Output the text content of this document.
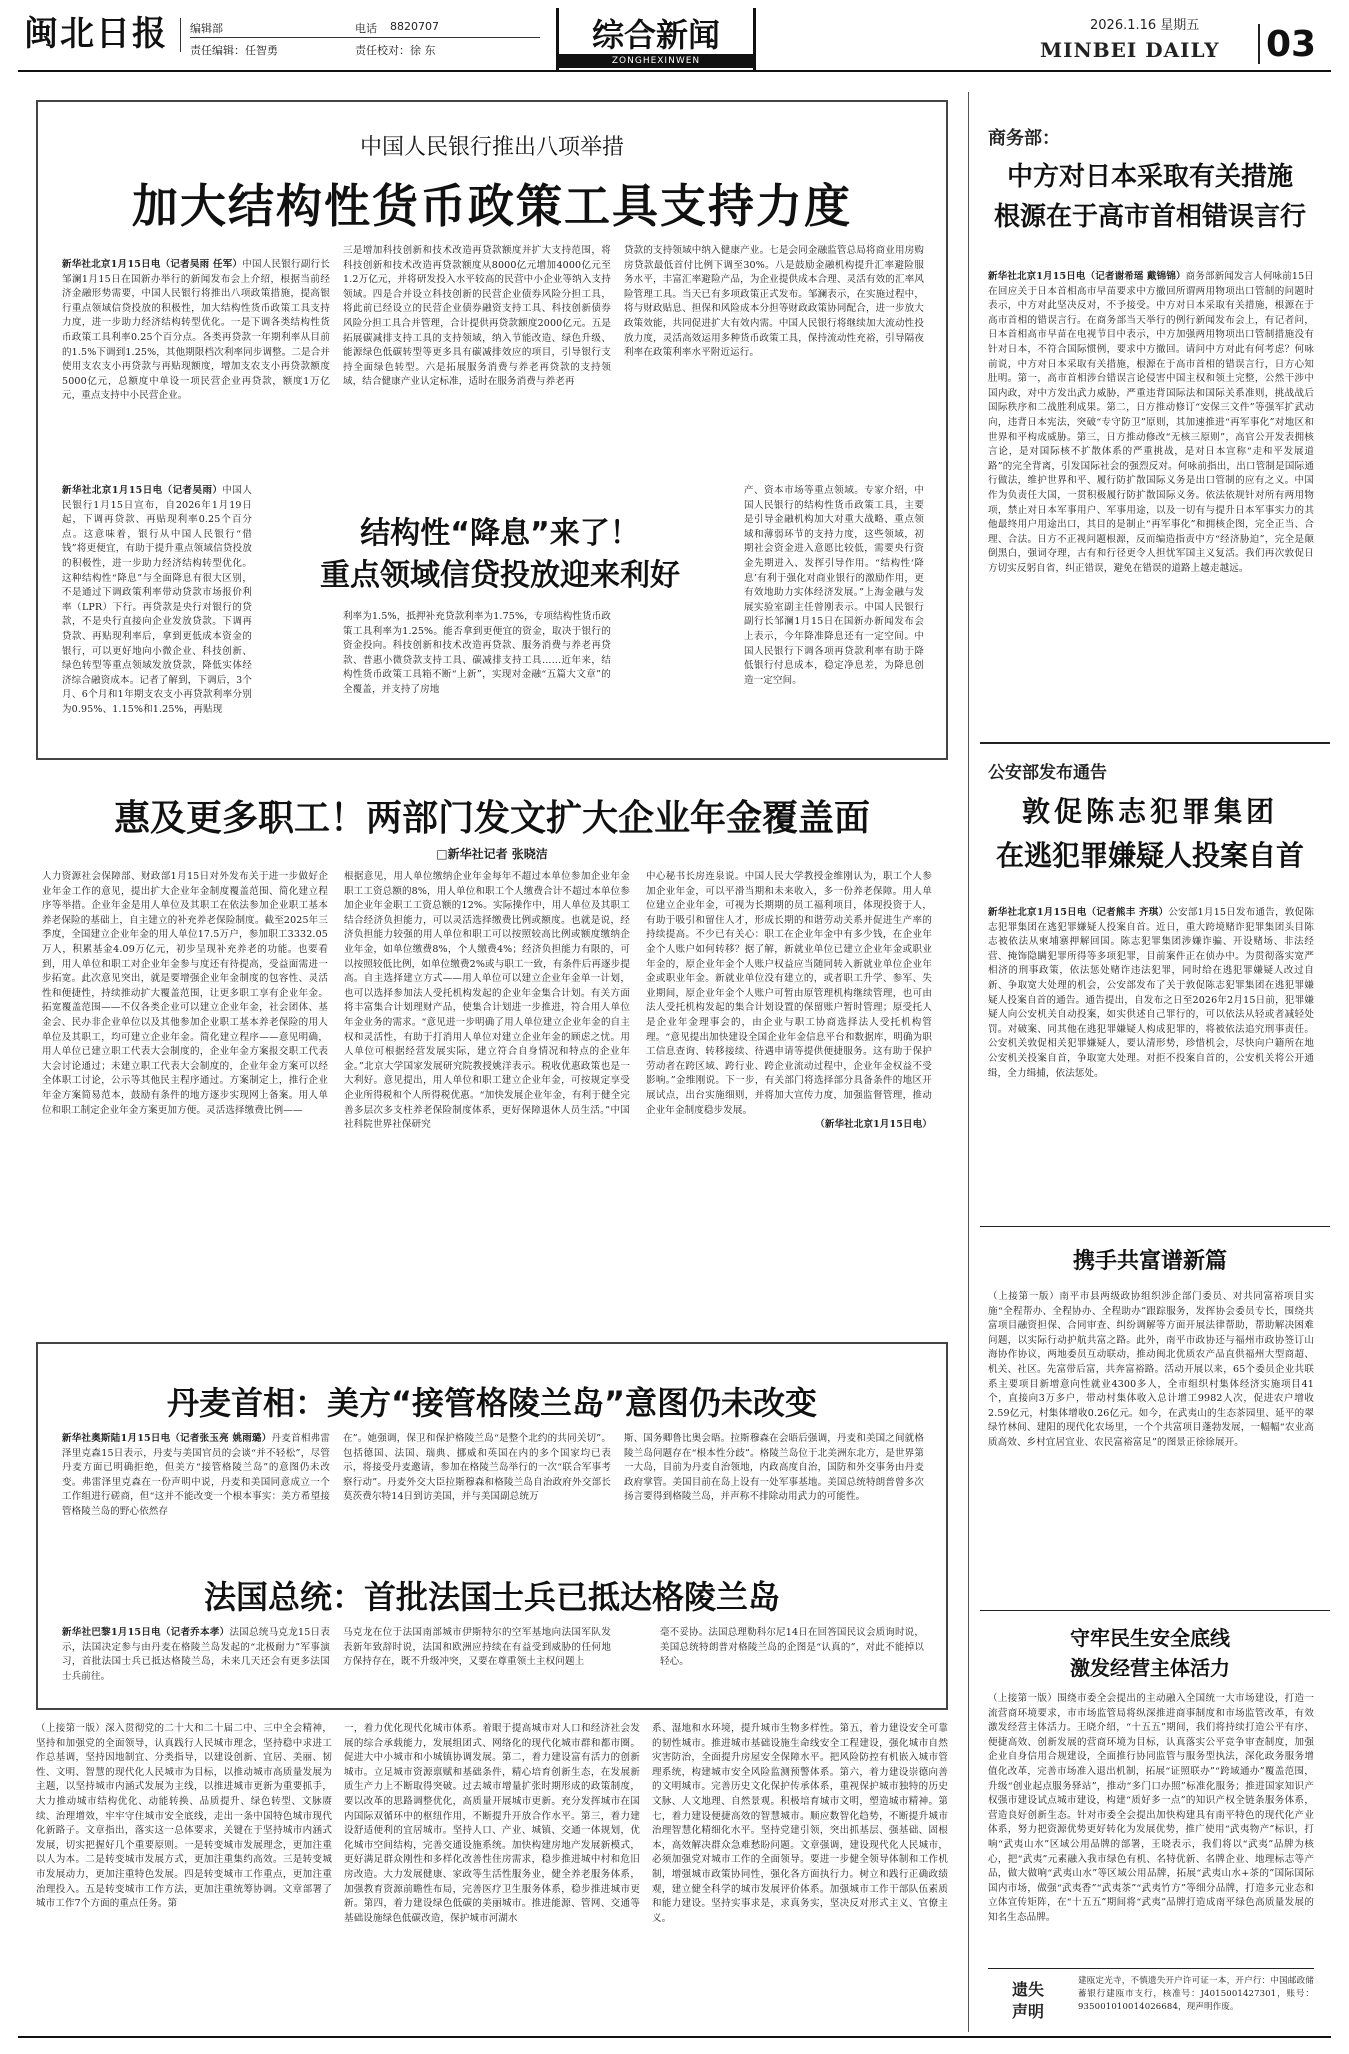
闽北日报	编辑部	电话 8820707
责任编辑：任智勇	责任校对：徐 东	综合新闻
ZONGHEXINWEN
2026.1.16 星期五
MINBEI DAILY 03
中国人民银行推出八项举措
加大结构性货币政策工具支持力度
新华社北京1月15日电（记者吴雨 任军）中国人民银行副行长邹澜1月15日在国新办举行的新闻发布会上介绍，根据当前经济金融形势需要，中国人民银行将推出八项政策措施，提高银行重点领域信贷投放的积极性，加大结构性货币政策工具支持力度，进一步助力经济结构转型优化。一是下调各类结构性货币政策工具利率0.25个百分点。各类再贷款一年期利率从目前的1.5%下调到1.25%，其他期限档次利率同步调整。二是合并使用支农支小再贷款与再贴现额度，增加支农支小再贷款额度5000亿元，总额度中单设一项民营企业再贷款，额度1万亿元，重点支持中小民营企业。
三是增加科技创新和技术改造再贷款额度并扩大支持范围，将科技创新和技术改造再贷款额度从8000亿元增加4000亿元至1.2万亿元，并将研发投入水平较高的民营中小企业等纳入支持领域。四是合并设立科技创新的民营企业债券风险分担工具，将此前已经设立的民营企业债券融资支持工具、科技创新债券风险分担工具合并管理，合计提供再贷款额度2000亿元。五是拓展碳减排支持工具的支持领域，纳入节能改造、绿色升级、能源绿色低碳转型等更多具有碳减排效应的项目，引导银行支持全面绿色转型。六是拓展服务消费与养老再贷款的支持领域，结合健康产业认定标准，适时在服务消费与养老再
贷款的支持领域中纳入健康产业。七是会同金融监管总局将商业用房购房贷款最低首付比例下调至30%。八是鼓励金融机构提升汇率避险服务水平，丰富汇率避险产品，为企业提供成本合理、灵活有效的汇率风险管理工具。当天已有多项政策正式发布。邹澜表示，在实施过程中，将与财政贴息、担保和风险成本分担等财政政策协同配合，进一步放大政策效能，共同促进扩大有效内需。中国人民银行将继续加大流动性投放力度，灵活高效运用多种货币政策工具，保持流动性充裕，引导隔夜利率在政策利率水平附近运行。
结构性“降息”来了！
重点领域信贷投放迎来利好
新华社北京1月15日电（记者吴雨）中国人民银行1月15日宣布，自2026年1月19日起，下调再贷款、再贴现利率0.25个百分点。这意味着，银行从中国人民银行“借钱”将更便宜，有助于提升重点领域信贷投放的积极性，进一步助力经济结构转型优化。这种结构性“降息”与全面降息有很大区别，不是通过下调政策利率带动贷款市场报价利率（LPR）下行。再贷款是央行对银行的贷款，不是央行直接向企业发放贷款。下调再贷款、再贴现利率后，拿到更低成本资金的银行，可以更好地向小微企业、科技创新、绿色转型等重点领域发放贷款，降低实体经济综合融资成本。记者了解到，下调后，3个月、6个月和1年期支农支小再贷款利率分别为0.95%、1.15%和1.25%，再贴现
利率为1.5%，抵押补充贷款利率为1.75%，专项结构性货币政策工具利率为1.25%。能否拿到更便宜的资金，取决于银行的资金投向。科技创新和技术改造再贷款、服务消费与养老再贷款、普惠小微贷款支持工具、碳减排支持工具……近年来，结构性货币政策工具箱不断“上新”，实现对金融“五篇大文章”的全覆盖，并支持了房地
产、资本市场等重点领域。专家介绍，中国人民银行的结构性货币政策工具，主要是引导金融机构加大对重大战略、重点领域和薄弱环节的支持力度，这些领域，初期社会资金进入意愿比较低，需要央行资金先期进入、发挥引导作用。“结构性‘降息’有利于强化对商业银行的激励作用，更有效地助力实体经济发展。”上海金融与发展实验室副主任曾刚表示。中国人民银行副行长邹澜1月15日在国新办新闻发布会上表示，今年降准降息还有一定空间。中国人民银行下调各项再贷款利率有助于降低银行付息成本，稳定净息差，为降息创造一定空间。
惠及更多职工！两部门发文扩大企业年金覆盖面
□新华社记者 张晓洁
人力资源社会保障部、财政部1月15日对外发布关于进一步做好企业年金工作的意见，提出扩大企业年金制度覆盖范围、简化建立程序等举措。企业年金是用人单位及其职工在依法参加企业职工基本养老保险的基础上，自主建立的补充养老保险制度。截至2025年三季度，全国建立企业年金的用人单位17.5万户，参加职工3332.05万人，积累基金4.09万亿元，初步呈现补充养老的功能。也要看到，用人单位和职工对企业年金参与度还有待提高，受益面需进一步拓宽。此次意见突出，就是要增强企业年金制度的包容性、灵活性和便捷性，持续推动扩大覆盖范围，让更多职工享有企业年金。拓宽覆盖范围——不仅各类企业可以建立企业年金，社会团体、基金会、民办非企业单位以及其他参加企业职工基本养老保险的用人单位及其职工，均可建立企业年金。简化建立程序——意见明确，用人单位已建立职工代表大会制度的，企业年金方案报交职工代表大会讨论通过；未建立职工代表大会制度的，企业年金方案可以经全体职工讨论，公示等其他民主程序通过。方案制定上，推行企业年金方案简易范本，鼓励有条件的地方逐步实现网上备案。用人单位和职工制定企业年金方案更加方便。灵活选择缴费比例——
根据意见，用人单位缴纳企业年金每年不超过本单位参加企业年金职工工资总额的8%，用人单位和职工个人缴费合计不超过本单位参加企业年金职工工资总额的12%。实际操作中，用人单位及其职工结合经济负担能力，可以灵活选择缴费比例或额度。也就是说，经济负担能力较强的用人单位和职工可以按照较高比例或额度缴纳企业年金，如单位缴费8%，个人缴费4%；经济负担能力有限的，可以按照较低比例，如单位缴费2%或与职工一致，有条件后再逐步提高。自主选择建立方式——用人单位可以建立企业年金单一计划，也可以选择参加法人受托机构发起的企业年金集合计划。有关方面将丰富集合计划理财产品，使集合计划进一步推进，符合用人单位年金业务的需求。“意见进一步明确了用人单位建立企业年金的自主权和灵活性，有助于打消用人单位对建立企业年金的顾虑之忧。用人单位可根据经营发展实际，建立符合自身情况和特点的企业年金。”北京大学国家发展研究院教授姚洋表示。税收优惠政策也是一大利好。意见提出，用人单位和职工建立企业年金，可按规定享受企业所得税和个人所得税优惠。“加快发展企业年金，有利于健全完善多层次多支柱养老保险制度体系，更好保障退休人员生活。”中国社科院世界社保研究
中心秘书长房连泉说。中国人民大学教授金维刚认为，职工个人参加企业年金，可以平滑当期和未来收入，多一份养老保障。用人单位建立企业年金，可视为长期期的员工福利项目，体现投资于人，有助于吸引和留住人才，形成长期的和谐劳动关系并促进生产率的持续提高。不少已有关心：职工在企业年金中有多少钱，在企业年金个人账户如何转移？据了解，新就业单位已建立企业年金或职业年金的，原企业年金个人账户权益应当随同转入新就业单位企业年金或职业年金。新就业单位没有建立的，或者职工升学、参军、失业期间，原企业年金个人账户可暂由原管理机构继续管理，也可由法人受托机构发起的集合计划设置的保留账户暂时管理；原受托人是企业年金理事会的，由企业与职工协商选择法人受托机构管理。“意见提出加快建设全国企业年金信息平台和数据库，明确为职工信息查询、转移接续、待遇申请等提供便捷服务。这有助于保护劳动者在跨区域、跨行业、跨企业流动过程中，企业年金权益不受影响。”金维刚说。下一步，有关部门将选择部分具备条件的地区开展试点，出台实施细则，并将加大宣传力度，加强监督管理，推动企业年金制度稳步发展。

（新华社北京1月15日电）
丹麦首相：美方“接管格陵兰岛”意图仍未改变
新华社奥斯陆1月15日电（记者张玉亮 姚雨璐）丹麦首相弗雷泽里克森15日表示，丹麦与美国官员的会谈“并不轻松”，尽管丹麦方面已明确拒绝，但美方“接管格陵兰岛”的意图仍未改变。弗雷泽里克森在一份声明中说，丹麦和美国同意成立一个工作组进行磋商，但“这并不能改变一个根本事实：美方希望接管格陵兰岛的野心依然存
在”。她强调，保卫和保护格陵兰岛“是整个北约的共同关切”。包括德国、法国、瑞典、挪威和英国在内的多个国家均已表示，将接受丹麦邀请，参加在格陵兰岛举行的一次“联合军事考察行动”。丹麦外交大臣拉斯穆森和格陵兰岛自治政府外交部长莫茨费尔特14日到访美国，并与美国副总统万
斯、国务卿鲁比奥会晤。拉斯穆森在会晤后强调，丹麦和美国之间就格陵兰岛问题存在“根本性分歧”。格陵兰岛位于北美洲东北方，是世界第一大岛，目前为丹麦自治领地，内政高度自治，国防和外交事务由丹麦政府掌管。美国目前在岛上设有一处军事基地。美国总统特朗普曾多次扬言要得到格陵兰岛，并声称不排除动用武力的可能性。
法国总统：首批法国士兵已抵达格陵兰岛
新华社巴黎1月15日电（记者乔本孝）法国总统马克龙15日表示，法国决定参与由丹麦在格陵兰岛发起的“北极耐力”军事演习，首批法国士兵已抵达格陵兰岛，未来几天还会有更多法国士兵前往。
马克龙在位于法国南部城市伊斯特尔的空军基地向法国军队发表新年致辞时说，法国和欧洲应持续在有益受到威胁的任何地方保持存在，既不升级冲突，又要在尊重领土主权问题上
毫不妥协。法国总理勒科尔尼14日在回答国民议会质询时说，美国总统特朗普对格陵兰岛的企图是“认真的”，对此不能掉以轻心。
（上接第一版）深入贯彻党的二十大和二十届二中、三中全会精神，坚持和加强党的全面领导，认真践行人民城市理念，坚持稳中求进工作总基调，坚持因地制宜、分类指导，以建设创新、宜居、美丽、韧性、文明、智慧的现代化人民城市为目标，以推动城市高质量发展为主题，以坚持城市内涵式发展为主线，以推进城市更新为重要抓手，大力推动城市结构优化、动能转换、品质提升、绿色转型、文脉赓续、治理增效，牢牢守住城市安全底线，走出一条中国特色城市现代化新路子。文章指出，落实这一总体要求，关键在于坚持城市内涵式发展，切实把握好几个重要原则。一是转变城市发展理念，更加注重以人为本。二是转变城市发展方式，更加注重集约高效。三是转变城市发展动力，更加注重特色发展。四是转变城市工作重点，更加注重治理投入。五是转变城市工作方法，更加注重统筹协调。文章部署了城市工作7个方面的重点任务。第
一，着力优化现代化城市体系。着眼于提高城市对人口和经济社会发展的综合承载能力，发展组团式、网络化的现代化城市群和都市圈。促进大中小城市和小城镇协调发展。第二，着力建设富有活力的创新城市。立足城市资源禀赋和基础条件，精心培育创新生态，在发展新质生产力上不断取得突破。过去城市增量扩张时期形成的政策制度，要以改革的思路调整优化，高质量开展城市更新。充分发挥城市在国内国际双循环中的枢纽作用，不断提升开放合作水平。第三，着力建设舒适便利的宜居城市。坚持人口、产业、城镇、交通一体规划，优化城市空间结构，完善交通设施系统。加快构建房地产发展新模式，更好满足群众刚性和多样化改善性住房需求，稳步推进城中村和危旧房改造。大力发展健康、家政等生活性服务业，健全养老服务体系，加强教育资源前瞻性布局，完善医疗卫生服务体系，稳步推进城市更新。第四，着力建设绿色低碳的美丽城市。推进能源、管网、交通等基础设施绿色低碳改造，保护城市河湖水
系、湿地和水环境，提升城市生物多样性。第五，着力建设安全可靠的韧性城市。推进城市基础设施生命线安全工程建设，强化城市自然灾害防治，全面提升房屋安全保障水平。把风险防控有机嵌入城市管理系统，构建城市安全风险监测预警体系。第六，着力建设崇德向善的文明城市。完善历史文化保护传承体系，重视保护城市独特的历史文脉、人文地理、自然景观。积极培育城市文明，塑造城市精神。第七，着力建设便捷高效的智慧城市。顺应数智化趋势，不断提升城市治理智慧化精细化水平。坚持党建引领，突出抓基层、强基础、固根本，高效解决群众急难愁盼问题。文章强调，建设现代化人民城市，必须加强党对城市工作的全面领导。要进一步健全领导体制和工作机制，增强城市政策协同性，强化各方面执行力。树立和践行正确政绩观，建立健全科学的城市发展评价体系。加强城市工作干部队伍素质和能力建设。坚持实事求是，求真务实，坚决反对形式主义、官僚主义。
商务部：
中方对日本采取有关措施
根源在于高市首相错误言行
新华社北京1月15日电（记者谢希瑶 戴锦锦）商务部新闻发言人何咏前15日在回应关于日本首相高市早苗要求中方撤回所谓两用物项出口管制的问题时表示，中方对此坚决反对，不予接受。中方对日本采取有关措施，根源在于高市首相的错误言行。在商务部当天举行的例行新闻发布会上，有记者问，日本首相高市早苗在电视节目中表示，中方加强两用物项出口管制措施没有针对日本，不符合国际惯例，要求中方撤回。请问中方对此有何考虑？何咏前说，中方对日本采取有关措施，根源在于高市首相的错误言行，日方心知肚明。第一，高市首相涉台错误言论侵害中国主权和领土完整，公然干涉中国内政，对中方发出武力威胁，严重违背国际法和国际关系准则，挑战战后国际秩序和二战胜利成果。第二，日方推动修订“安保三文件”等强军扩武动向，违背日本宪法，突破“专守防卫”原则，其加速推进“再军事化”对地区和世界和平构成威胁。第三，日方推动修改“无核三原则”，高官公开发表拥核言论，是对国际核不扩散体系的严重挑战，是对日本宣称“走和平发展道路”的完全背离，引发国际社会的强烈反对。何咏前指出，出口管制是国际通行做法，维护世界和平、履行防扩散国际义务是出口管制的应有之义。中国作为负责任大国，一贯积极履行防扩散国际义务。依法依规针对所有两用物项，禁止对日本军事用户、军事用途，以及一切有与提升日本军事实力的其他最终用户用途出口，其目的是制止“再军事化”和拥核企图，完全正当、合理、合法。日方不正视问题根源，反而编造指责中方“经济胁迫”，完全是颠倒黑白，强词夺理，古有和行径更令人担忧军国主义复活。我们再次敦促日方切实反躬自省，纠正错误，避免在错误的道路上越走越远。
公安部发布通告
敦促陈志犯罪集团
在逃犯罪嫌疑人投案自首
新华社北京1月15日电（记者熊丰 齐琪）公安部1月15日发布通告，敦促陈志犯罪集团在逃犯罪嫌疑人投案自首。近日，重大跨境赌诈犯罪集团头目陈志被依法从柬埔寨押解回国。陈志犯罪集团涉嫌诈骗、开设赌场、非法经营、掩饰隐瞒犯罪所得等多项犯罪，目前案件正在侦办中。为贯彻落实宽严相济的刑事政策，依法惩处赌诈违法犯罪，同时给在逃犯罪嫌疑人改过自新、争取宽大处理的机会，公安部发布了关于敦促陈志犯罪集团在逃犯罪嫌疑人投案自首的通告。通告提出，自发布之日至2026年2月15日前，犯罪嫌疑人向公安机关自动投案，如实供述自己罪行的，可以依法从轻或者减轻处罚。对破案、同其他在逃犯罪嫌疑人构成犯罪的，将被依法追究刑事责任。公安机关敦促相关犯罪嫌疑人，要认清形势，珍惜机会，尽快向户籍所在地公安机关投案自首，争取宽大处理。对拒不投案自首的，公安机关将公开通缉，全力缉捕，依法惩处。
携手共富谱新篇
（上接第一版）南平市县两级政协组织涉企部门委员、对共同富裕项目实施“全程帮办、全程协办、全程助办”跟踪服务，发挥协会委员专长，围绕共富项目融资担保、合同审查、纠纷调解等方面开展法律帮助，帮助解决困难问题，以实际行动护航共富之路。此外，南平市政协还与福州市政协签订山海协作协议，两地委员互动联动，推动闽北优质农产品直供福州大型商超、机关、社区。先富带后富，共奔富裕路。活动开展以来，65个委员企业共联系主要项目新增意向性就业4300多人，全市组织村集体经济实施项目41个，直接向3万多户，带动村集体收入总计增工9982人次，促进农户增收2.59亿元，村集体增收0.26亿元。如今，在武夷山的生态茶园里、延平的翠绿竹林间、建阳的现代化农场里，一个个共富项目蓬勃发展，一幅幅“农业高质高效、乡村宜居宜业、农民富裕富足”的图景正徐徐展开。
守牢民生安全底线
激发经营主体活力
（上接第一版）围绕市委全会提出的主动融入全国统一大市场建设，打造一流营商环境要求，市市场监管局将纵深推进商事制度和市场监管改革，有效激发经营主体活力。王晓介绍，“十五五”期间，我们将持续打造公平有序、便捷高效、创新发展的营商环境为目标，认真落实公平竞争审查制度，加强企业自身信用合规建设，全面推行协同监管与服务型执法，深化政务服务增值化改革，完善市场准入退出机制，拓展“证照联办”“跨域通办”覆盖范围，升级“创业起点服务驿站”，推动“多门口办照”标准化服务；推进国家知识产权强市建设试点城市建设，构建“质好多一点”的知识产权全链条服务体系，营造良好创新生态。针对市委全会提出加快构建具有南平特色的现代化产业体系，努力把资源优势更好转化为发展优势，推广使用“武夷物产”标识，打响“武夷山水”区域公用品牌的部署，王晓表示，我们将以“武夷”品牌为核心，把“武夷”元素融入我市绿色有机、名特优新、名牌企业、地理标志等产品，做大做响“武夷山水”等区域公用品牌，拓展“武夷山水+茶的”国际国际国内市场，做强“武夷香”“武夷茶”“武夷竹方”等细分品牌，打造多元业态和立体宣传矩阵，在“十五五”期间将“武夷”品牌打造成南平绿色高质量发展的知名生态品牌。
遗失
声明
建瓯定光寺，不慎遗失开户许可证一本，开户行：中国邮政储蓄银行建瓯市支行，核准号：J4015001427301，账号：935001010014026684，现声明作废。
